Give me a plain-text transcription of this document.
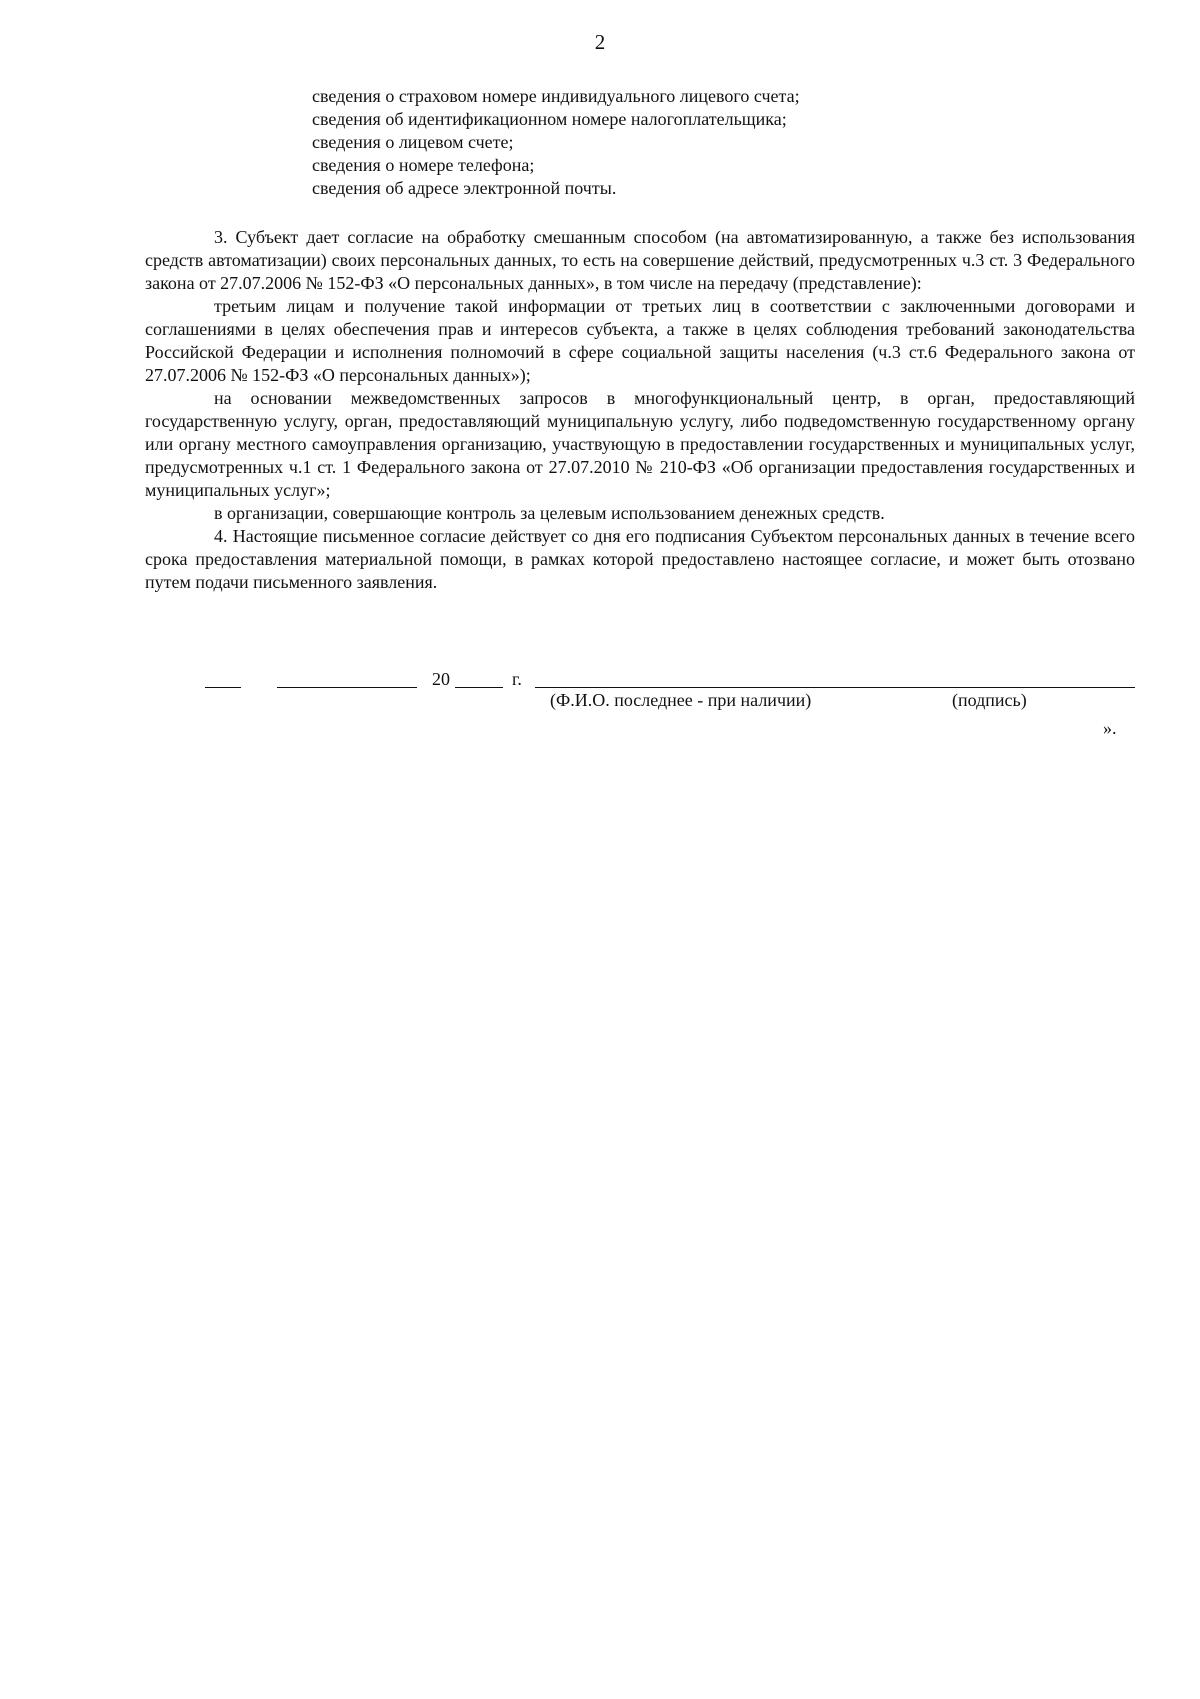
2
сведения о страховом номере индивидуального лицевого счета;
сведения об идентификационном номере налогоплательщика;
сведения о лицевом счете;
сведения о номере телефона;
сведения об адресе электронной почты.

3. Субъект дает согласие на обработку смешанным способом (на автоматизированную, а также без использования средств автоматизации) своих персональных данных, то есть на совершение действий, предусмотренных ч.3 ст. 3 Федерального закона от 27.07.2006 № 152-ФЗ «О персональных данных», в том числе на передачу (представление):

третьим лицам и получение такой информации от третьих лиц в соответствии с заключенными договорами и соглашениями в целях обеспечения прав и интересов субъекта, а также в целях соблюдения требований законодательства Российской Федерации и исполнения полномочий в сфере социальной защиты населения (ч.3 ст.6 Федерального закона от 27.07.2006 № 152-ФЗ «О персональных данных»);

на основании межведомственных запросов в многофункциональный центр, в орган, предоставляющий государственную услугу, орган, предоставляющий муниципальную услугу, либо подведомственную государственному органу или органу местного самоуправления организацию, участвующую в предоставлении государственных и муниципальных услуг, предусмотренных ч.1 ст. 1 Федерального закона от 27.07.2010 № 210-ФЗ «Об организации предоставления государственных и муниципальных услуг»;

в организации, совершающие контроль за целевым использованием денежных средств.

4. Настоящие письменное согласие действует со дня его подписания Субъектом персональных данных в течение всего срока предоставления материальной помощи, в рамках которой предоставлено настоящее согласие, и может быть отозвано путем подачи письменного заявления.

20	г.
(Ф.И.О. последнее - при наличии)	(подпись)
».
